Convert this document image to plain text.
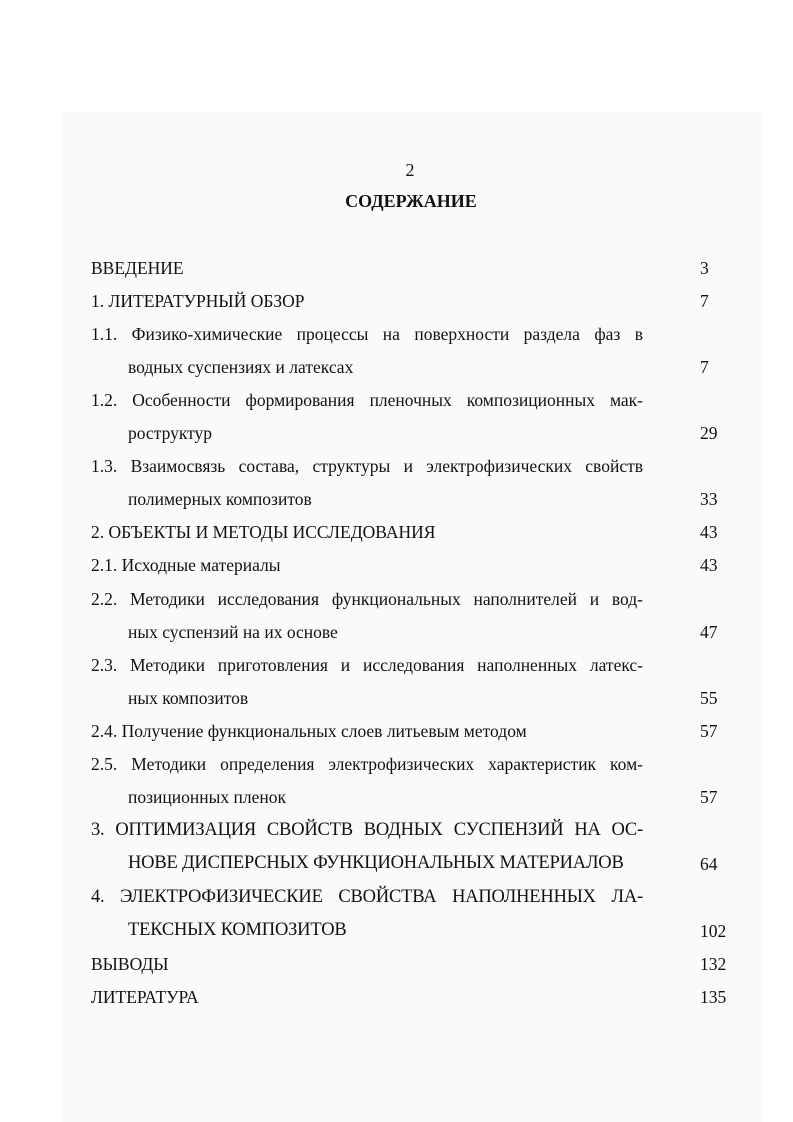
2
СОДЕРЖАНИЕ
ВВЕДЕНИЕ	3
1. ЛИТЕРАТУРНЫЙ ОБЗОР	7
1.1. Физико-химические процессы на поверхности раздела фаз в
водных суспензиях и латексах	7
1.2. Особенности формирования пленочных композиционных мак-
роструктур	29
1.3. Взаимосвязь состава, структуры и электрофизических свойств
полимерных композитов	33
2. ОБЪЕКТЫ И МЕТОДЫ ИССЛЕДОВАНИЯ	43
2.1. Исходные материалы	43
2.2. Методики исследования функциональных наполнителей и вод-
ных суспензий на их основе	47
2.3. Методики приготовления и исследования наполненных латекс-
ных композитов	55
2.4. Получение функциональных слоев литьевым методом	57
2.5. Методики определения электрофизических характеристик ком-
позиционных пленок	57
3. ОПТИМИЗАЦИЯ СВОЙСТВ ВОДНЫХ СУСПЕНЗИЙ НА ОС-
НОВЕ ДИСПЕРСНЫХ ФУНКЦИОНАЛЬНЫХ МАТЕРИАЛОВ	64
4. ЭЛЕКТРОФИЗИЧЕСКИЕ СВОЙСТВА НАПОЛНЕННЫХ ЛА-
ТЕКСНЫХ КОМПОЗИТОВ	102
ВЫВОДЫ	132
ЛИТЕРАТУРА	135
